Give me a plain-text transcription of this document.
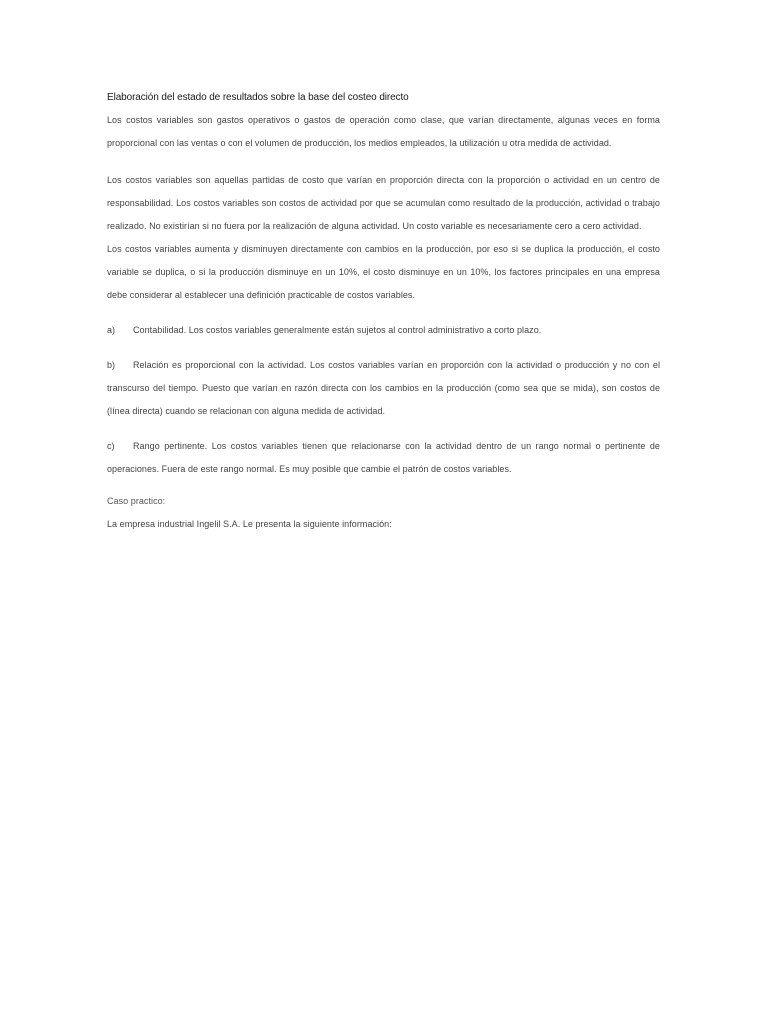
Elaboración del estado de resultados sobre la base del costeo directo

Los costos variables son gastos operativos o gastos de operación como clase, que varían directamente, algunas veces en forma proporcional con las ventas o con el volumen de producción, los medios empleados, la utilización u otra medida de actividad.

Los costos variables son aquellas partidas de costo que varían en proporción directa con la proporción o actividad en un centro de responsabilidad. Los costos variables son costos de actividad por que se acumulan como resultado de la producción, actividad o trabajo realizado. No existirían si no fuera por la realización de alguna actividad. Un costo variable es necesariamente cero a cero actividad.

Los costos variables aumenta y disminuyen directamente con cambios en la producción, por eso si se duplica la producción, el costo variable se duplica, o si la producción disminuye en un 10%, el costo disminuye en un 10%, los factores principales en una empresa debe considerar al establecer una definición practicable de costos variables.

a) Contabilidad. Los costos variables generalmente están sujetos al control administrativo a corto plazo.

b) Relación es proporcional con la actividad. Los costos variables varían en proporción con la actividad o producción y no con el transcurso del tiempo. Puesto que varían en razón directa con los cambios en la producción (como sea que se mida), son costos de (línea directa) cuando se relacionan con alguna medida de actividad.

c) Rango pertinente. Los costos variables tienen que relacionarse con la actividad dentro de un rango normal o pertinente de operaciones. Fuera de este rango normal. Es muy posible que cambie el patrón de costos variables.

Caso practico:

La empresa industrial Ingelil S.A. Le presenta la siguiente información:
